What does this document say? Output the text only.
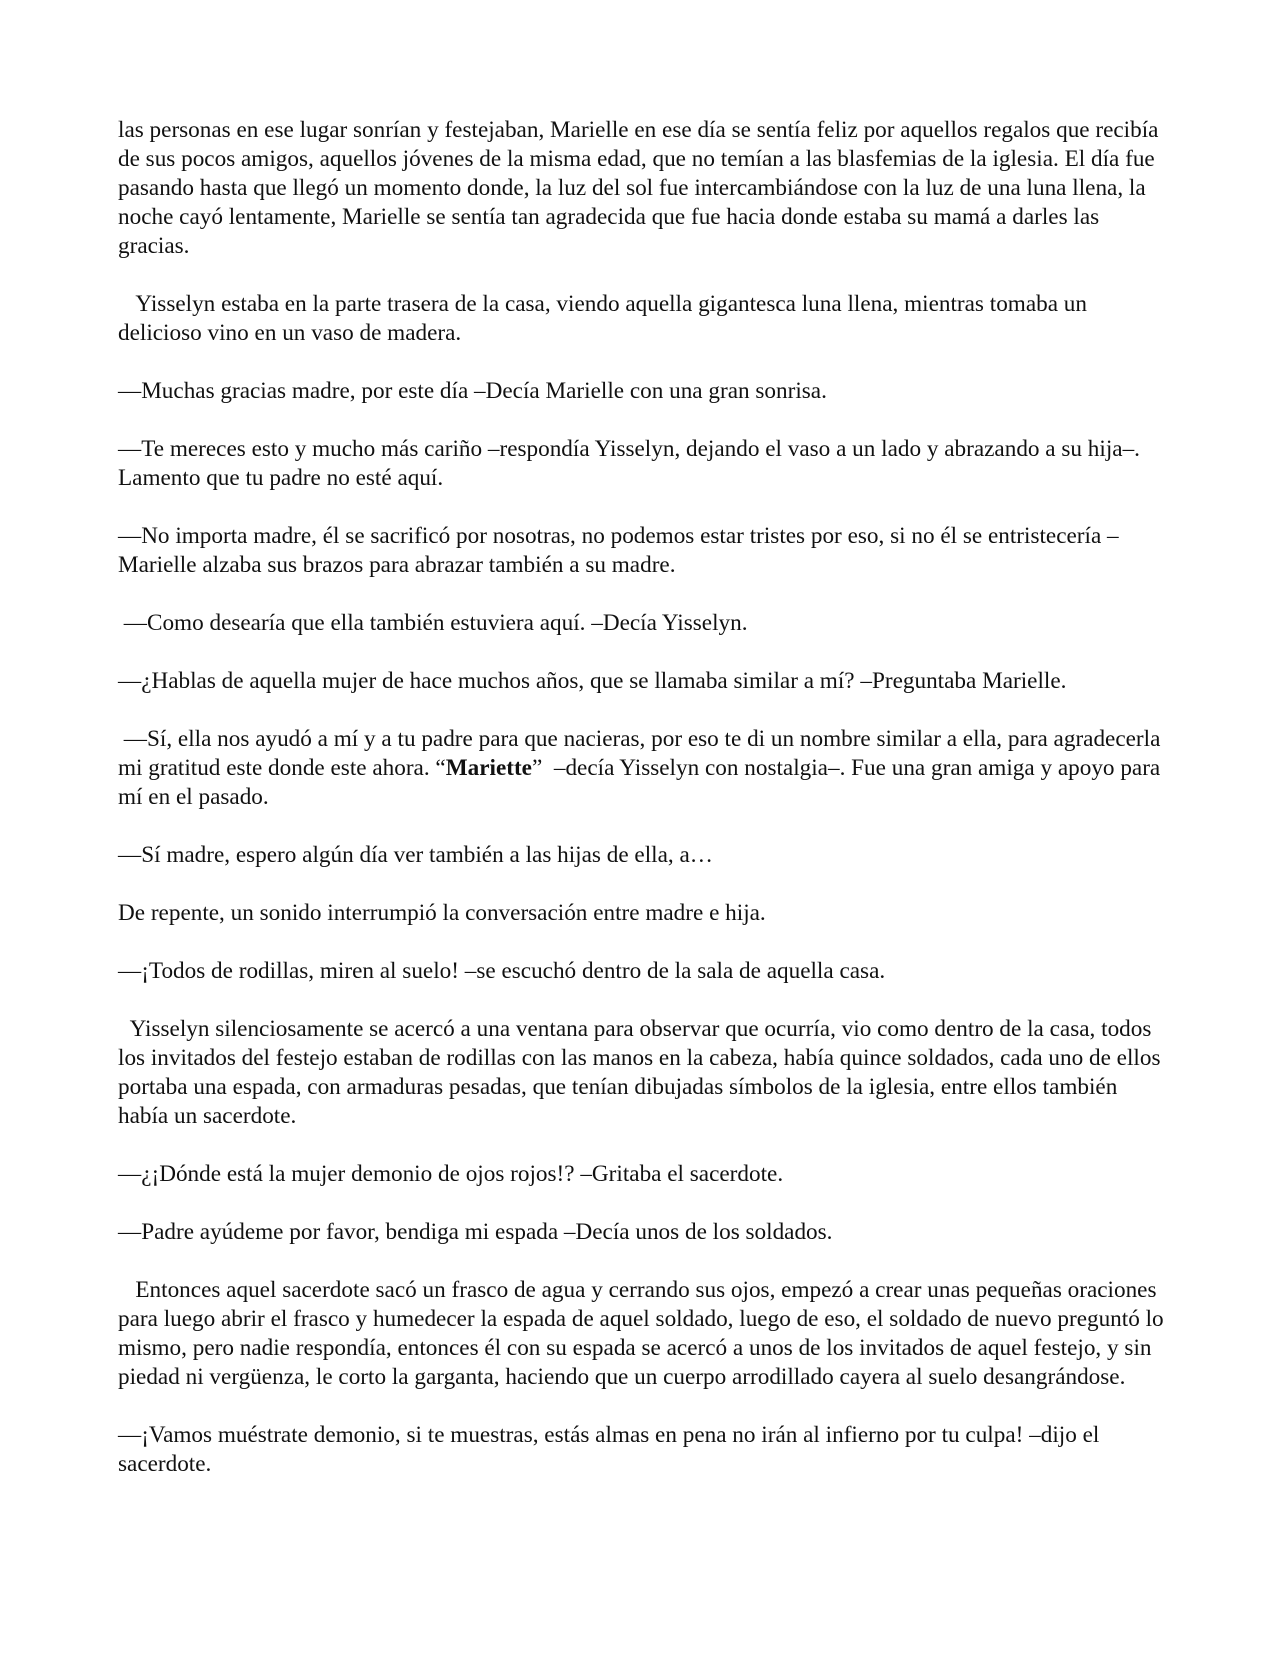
las personas en ese lugar sonrían y festejaban, Marielle en ese día se sentía feliz por aquellos regalos que recibía de sus pocos amigos, aquellos jóvenes de la misma edad, que no temían a las blasfemias de la iglesia. El día fue pasando hasta que llegó un momento donde, la luz del sol fue intercambiándose con la luz de una luna llena, la noche cayó lentamente, Marielle se sentía tan agradecida que fue hacia donde estaba su mamá a darles las gracias.

Yisselyn estaba en la parte trasera de la casa, viendo aquella gigantesca luna llena, mientras tomaba un delicioso vino en un vaso de madera.

—Muchas gracias madre, por este día –Decía Marielle con una gran sonrisa.

—Te mereces esto y mucho más cariño –respondía Yisselyn, dejando el vaso a un lado y abrazando a su hija–. Lamento que tu padre no esté aquí.

—No importa madre, él se sacrificó por nosotras, no podemos estar tristes por eso, si no él se entristecería –Marielle alzaba sus brazos para abrazar también a su madre.

—Como desearía que ella también estuviera aquí. –Decía Yisselyn.

—¿Hablas de aquella mujer de hace muchos años, que se llamaba similar a mí? –Preguntaba Marielle.

—Sí, ella nos ayudó a mí y a tu padre para que nacieras, por eso te di un nombre similar a ella, para agradecerla mi gratitud este donde este ahora. “Mariette”  –decía Yisselyn con nostalgia–. Fue una gran amiga y apoyo para mí en el pasado.

—Sí madre, espero algún día ver también a las hijas de ella, a…

De repente, un sonido interrumpió la conversación entre madre e hija.

—¡Todos de rodillas, miren al suelo! –se escuchó dentro de la sala de aquella casa.

Yisselyn silenciosamente se acercó a una ventana para observar que ocurría, vio como dentro de la casa, todos los invitados del festejo estaban de rodillas con las manos en la cabeza, había quince soldados, cada uno de ellos portaba una espada, con armaduras pesadas, que tenían dibujadas símbolos de la iglesia, entre ellos también había un sacerdote.

—¿¡Dónde está la mujer demonio de ojos rojos!? –Gritaba el sacerdote.

—Padre ayúdeme por favor, bendiga mi espada –Decía unos de los soldados.

Entonces aquel sacerdote sacó un frasco de agua y cerrando sus ojos, empezó a crear unas pequeñas oraciones para luego abrir el frasco y humedecer la espada de aquel soldado, luego de eso, el soldado de nuevo preguntó lo mismo, pero nadie respondía, entonces él con su espada se acercó a unos de los invitados de aquel festejo, y sin piedad ni vergüenza, le corto la garganta, haciendo que un cuerpo arrodillado cayera al suelo desangrándose.

—¡Vamos muéstrate demonio, si te muestras, estás almas en pena no irán al infierno por tu culpa! –dijo el sacerdote.
